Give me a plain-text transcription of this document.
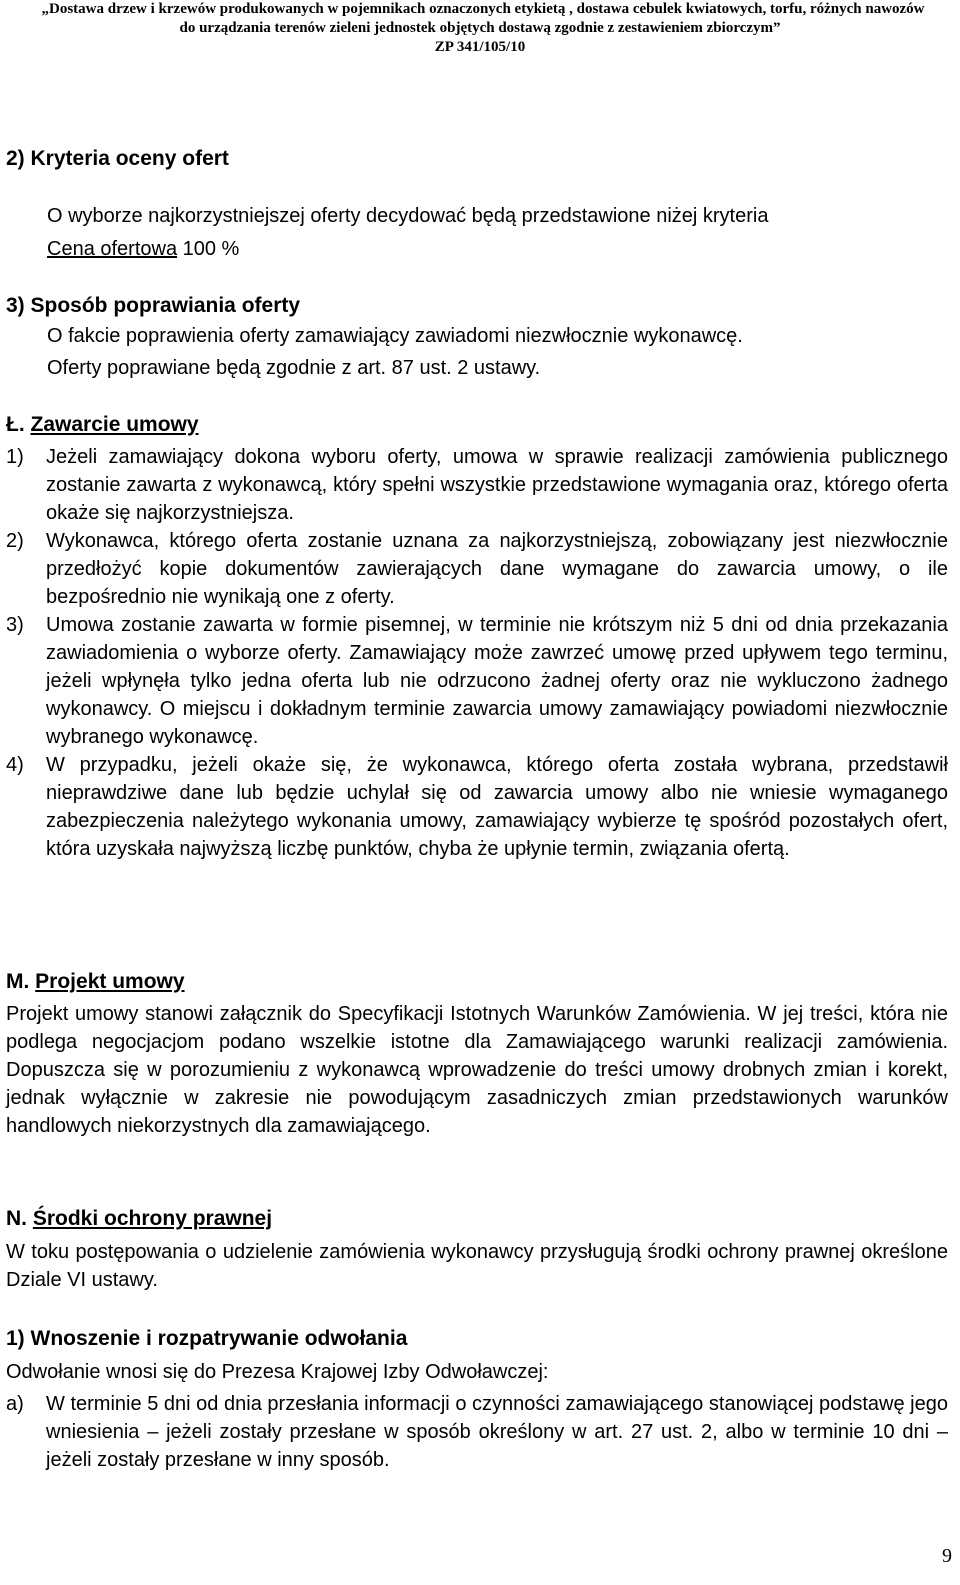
„Dostawa drzew i krzewów produkowanych w pojemnikach oznaczonych etykietą , dostawa cebulek kwiatowych, torfu, różnych nawozów
do urządzania terenów zieleni jednostek objętych dostawą zgodnie z zestawieniem zbiorczym”
ZP 341/105/10
2) Kryteria oceny ofert
O wyborze najkorzystniejszej oferty decydować będą przedstawione niżej kryteria
Cena ofertowa 100 %
3) Sposób poprawiania oferty
O fakcie poprawienia oferty zamawiający zawiadomi niezwłocznie wykonawcę.
Oferty poprawiane będą zgodnie z art. 87 ust. 2 ustawy.
Ł. Zawarcie umowy
1)	Jeżeli zamawiający dokona wyboru oferty, umowa w sprawie realizacji zamówienia publicznego zostanie zawarta z wykonawcą, który spełni wszystkie przedstawione wymagania oraz, którego oferta okaże się najkorzystniejsza.
2)	Wykonawca, którego oferta zostanie uznana za najkorzystniejszą, zobowiązany jest niezwłocznie przedłożyć kopie dokumentów zawierających dane wymagane do zawarcia umowy, o ile bezpośrednio nie wynikają one z oferty.
3)	Umowa zostanie zawarta w formie pisemnej, w terminie nie krótszym niż 5 dni od dnia przekazania zawiadomienia o wyborze oferty. Zamawiający może zawrzeć umowę przed upływem tego terminu, jeżeli wpłynęła tylko jedna oferta lub nie odrzucono żadnej oferty oraz nie wykluczono żadnego wykonawcy. O miejscu i dokładnym terminie zawarcia umowy zamawiający powiadomi niezwłocznie wybranego wykonawcę.
4)	W przypadku, jeżeli okaże się, że wykonawca, którego oferta została wybrana, przedstawił nieprawdziwe dane lub będzie uchylał się od zawarcia umowy albo nie wniesie wymaganego zabezpieczenia należytego wykonania umowy, zamawiający wybierze tę spośród pozostałych ofert, która uzyskała najwyższą liczbę punktów, chyba że upłynie termin, związania ofertą.
M. Projekt umowy
Projekt umowy stanowi załącznik do Specyfikacji Istotnych Warunków Zamówienia. W jej treści, która nie podlega negocjacjom podano wszelkie istotne dla Zamawiającego warunki realizacji zamówienia. Dopuszcza się w porozumieniu z wykonawcą wprowadzenie do treści umowy drobnych zmian i korekt, jednak wyłącznie w zakresie nie powodującym zasadniczych zmian przedstawionych warunków handlowych niekorzystnych dla zamawiającego.
N. Środki ochrony prawnej
W toku postępowania o udzielenie zamówienia wykonawcy przysługują środki ochrony prawnej określone Dziale VI ustawy.
1) Wnoszenie i rozpatrywanie odwołania
Odwołanie wnosi się do Prezesa Krajowej Izby Odwoławczej:
a)	W terminie 5 dni od dnia przesłania informacji o czynności zamawiającego stanowiącej podstawę jego wniesienia – jeżeli zostały przesłane w sposób określony w art. 27 ust. 2, albo w terminie 10 dni – jeżeli zostały przesłane w inny sposób.
9
